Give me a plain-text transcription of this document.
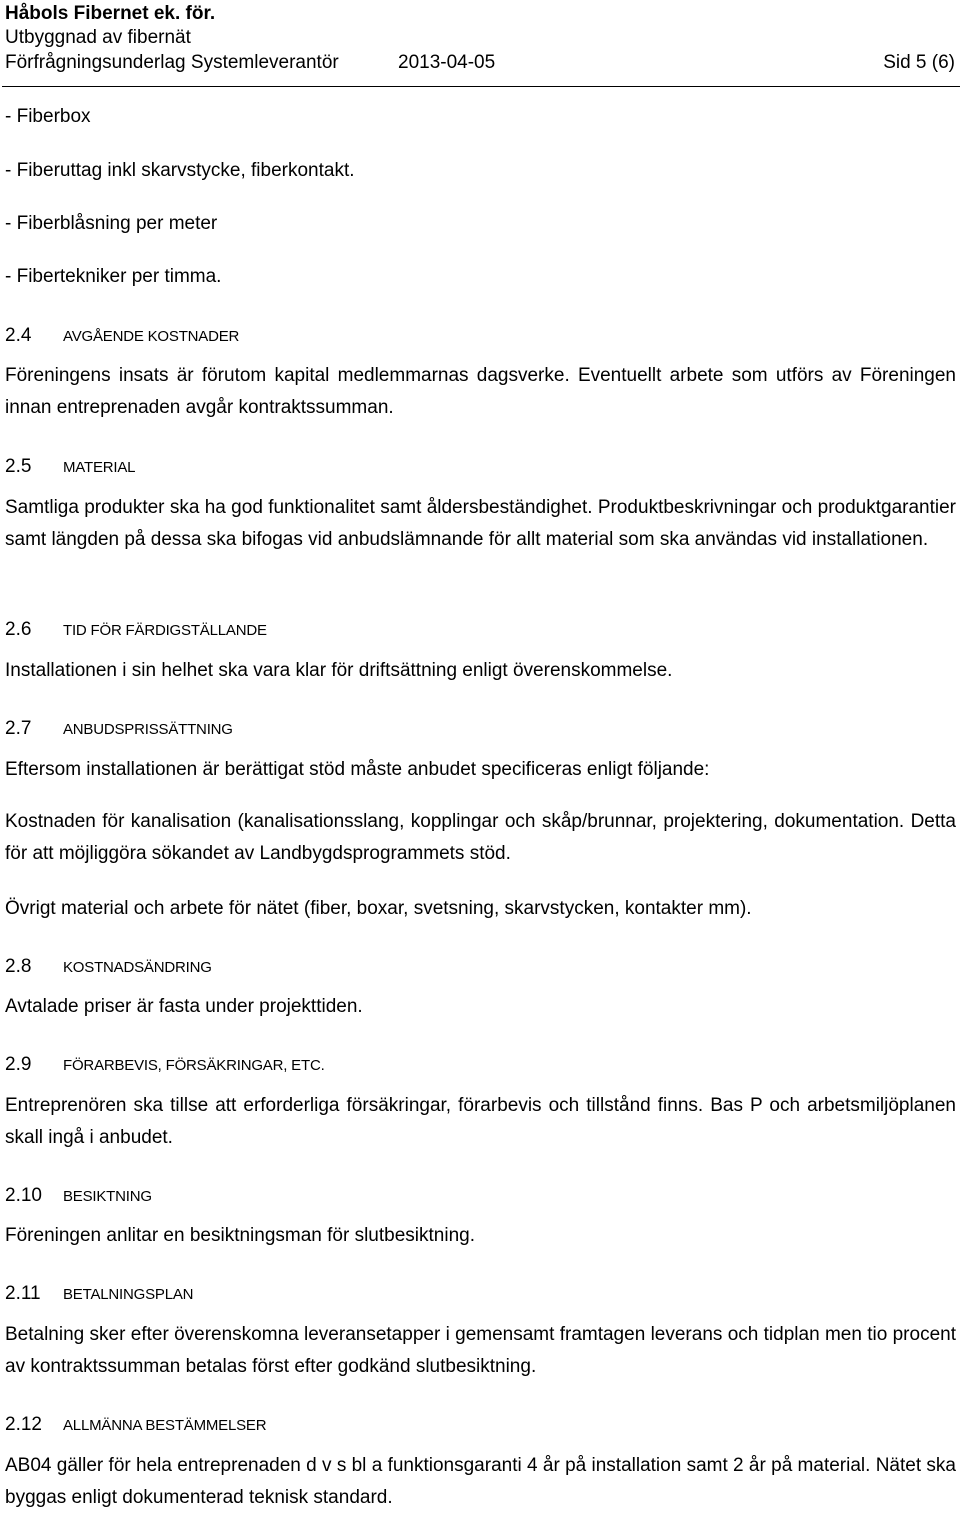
Håbols Fibernet ek. för.
Utbyggnad av fibernät
Förfrågningsunderlag Systemleverantör	2013-04-05	Sid 5 (6)
- Fiberbox
- Fiberuttag inkl skarvstycke, fiberkontakt.
- Fiberblåsning per meter
- Fibertekniker per timma.
2.4 AVGÅENDE KOSTNADER
Föreningens insats är förutom kapital medlemmarnas dagsverke. Eventuellt arbete som utförs av Föreningen innan entreprenaden avgår kontraktssumman.
2.5 MATERIAL
Samtliga produkter ska ha god funktionalitet samt åldersbeständighet. Produktbeskrivningar och produktgarantier samt längden på dessa ska bifogas vid anbudslämnande för allt material som ska användas vid installationen.
2.6 TID FÖR FÄRDIGSTÄLLANDE
Installationen i sin helhet ska vara klar för driftsättning enligt överenskommelse.
2.7 ANBUDSPRISSÄTTNING
Eftersom installationen är berättigat stöd måste anbudet specificeras enligt följande:
Kostnaden för kanalisation (kanalisationsslang, kopplingar och skåp/brunnar, projektering, dokumentation. Detta för att möjliggöra sökandet av Landbygdsprogrammets stöd.
Övrigt material och arbete för nätet (fiber, boxar, svetsning, skarvstycken, kontakter mm).
2.8 KOSTNADSÄNDRING
Avtalade priser är fasta under projekttiden.
2.9 FÖRARBEVIS, FÖRSÄKRINGAR, ETC.
Entreprenören ska tillse att erforderliga försäkringar, förarbevis och tillstånd finns. Bas P och arbetsmiljöplanen skall ingå i anbudet.
2.10 BESIKTNING
Föreningen anlitar en besiktningsman för slutbesiktning.
2.11 BETALNINGSPLAN
Betalning sker efter överenskomna leveransetapper i gemensamt framtagen leverans och tidplan men tio procent av kontraktssumman betalas först efter godkänd slutbesiktning.
2.12 ALLMÄNNA BESTÄMMELSER
AB04 gäller för hela entreprenaden d v s bl a funktionsgaranti 4 år på installation samt 2 år på material. Nätet ska byggas enligt dokumenterad teknisk standard.
